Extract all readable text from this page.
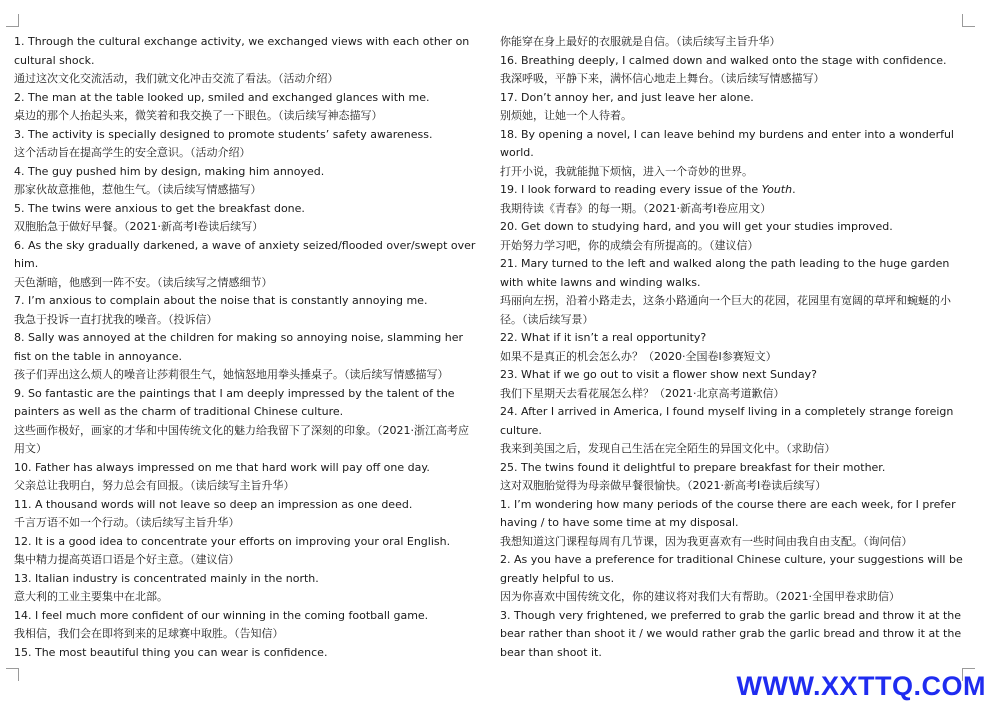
1. Through the cultural exchange activity, we exchanged views with each other on cultural shock.
通过这次文化交流活动，我们就文化冲击交流了看法。（活动介绍）
2. The man at the table looked up, smiled and exchanged glances with me.
桌边的那个人抬起头来，微笑着和我交换了一下眼色。（读后续写神态描写）
3. The activity is specially designed to promote students’ safety awareness.
这个活动旨在提高学生的安全意识。（活动介绍）
4. The guy pushed him by design, making him annoyed.
那家伙故意推他，惹他生气。（读后续写情感描写）
5. The twins were anxious to get the breakfast done.
双胞胎急于做好早餐。（2021·新高考Ⅰ卷读后续写）
6. As the sky gradually darkened, a wave of anxiety seized/flooded over/swept over him.
天色渐暗，他感到一阵不安。（读后续写之情感细节）
7. I’m anxious to complain about the noise that is constantly annoying me.
我急于投诉一直打扰我的噪音。（投诉信）
8. Sally was annoyed at the children for making so annoying noise, slamming her fist on the table in annoyance.
孩子们弄出这么烦人的噪音让莎莉很生气，她恼怒地用拳头捶桌子。（读后续写情感描写）
9. So fantastic are the paintings that I am deeply impressed by the talent of the painters as well as the charm of traditional Chinese culture.
这些画作极好，画家的才华和中国传统文化的魅力给我留下了深刻的印象。（2021·浙江高考应用文）
10. Father has always impressed on me that hard work will pay off one day.
父亲总让我明白，努力总会有回报。（读后续写主旨升华）
11. A thousand words will not leave so deep an impression as one deed.
千言万语不如一个行动。（读后续写主旨升华）
12. It is a good idea to concentrate your efforts on improving your oral English.
集中精力提高英语口语是个好主意。（建议信）
13. Italian industry is concentrated mainly in the north.
意大利的工业主要集中在北部。
14. I feel much more confident of our winning in the coming football game.
我相信，我们会在即将到来的足球赛中取胜。（告知信）
15. The most beautiful thing you can wear is confidence.
你能穿在身上最好的衣服就是自信。（读后续写主旨升华）
16. Breathing deeply, I calmed down and walked onto the stage with confidence.
我深呼吸，平静下来，满怀信心地走上舞台。（读后续写情感描写）
17. Don’t annoy her, and just leave her alone.
别烦她，让她一个人待着。
18. By opening a novel, I can leave behind my burdens and enter into a wonderful world.
打开小说，我就能抛下烦恼，进入一个奇妙的世界。
19. I look forward to reading every issue of the Youth.
我期待读《青春》的每一期。（2021·新高考Ⅰ卷应用文）
20. Get down to studying hard, and you will get your studies improved.
开始努力学习吧，你的成绩会有所提高的。（建议信）
21. Mary turned to the left and walked along the path leading to the huge garden with white lawns and winding walks.
玛丽向左拐，沿着小路走去，这条小路通向一个巨大的花园，花园里有宽阔的草坪和蜿蜒的小径。（读后续写景）
22. What if it isn’t a real opportunity?
如果不是真正的机会怎么办？（2020·全国卷Ⅰ参赛短文）
23. What if we go out to visit a flower show next Sunday?
我们下星期天去看花展怎么样？（2021·北京高考道歉信）
24. After I arrived in America, I found myself living in a completely strange foreign culture.
我来到美国之后，发现自己生活在完全陌生的异国文化中。（求助信）
25. The twins found it delightful to prepare breakfast for their mother.
这对双胞胎觉得为母亲做早餐很愉快。（2021·新高考Ⅰ卷读后续写）
1. I’m wondering how many periods of the course there are each week, for I prefer having / to have some time at my disposal.
我想知道这门课程每周有几节课，因为我更喜欢有一些时间由我自由支配。（询问信）
2. As you have a preference for traditional Chinese culture, your suggestions will be greatly helpful to us.
因为你喜欢中国传统文化，你的建议将对我们大有帮助。（2021·全国甲卷求助信）
3. Though very frightened, we preferred to grab the garlic bread and throw it at the bear rather than shoot it / we would rather grab the garlic bread and throw it at the bear than shoot it.
WWW.XXTTQ.COM
